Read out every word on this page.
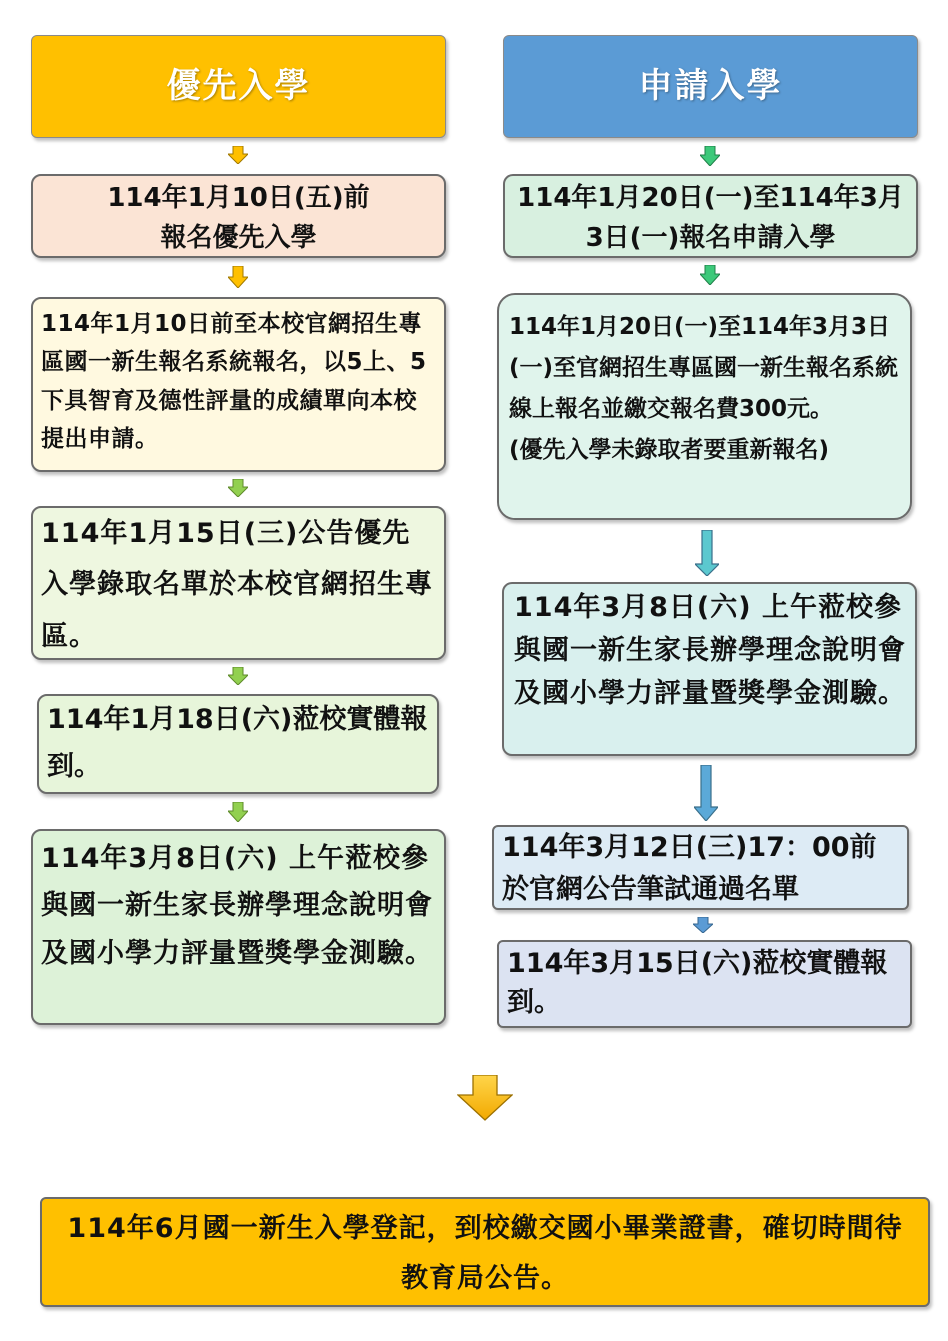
優先入學
114年1月10日(五)前
報名優先入學
114年1月10日前至本校官網招生專區國一新生報名系統報名，以5上、5下具智育及德性評量的成績單向本校提出申請。
114年1月15日(三)公告優先入學錄取名單於本校官網招生專區。
114年1月18日(六)蒞校實體報到。
114年3月8日(六) 上午蒞校參與國一新生家長辦學理念說明會及國小學力評量暨獎學金測驗。
申請入學
114年1月20日(一)至114年3月3日(一)報名申請入學
114年1月20日(一)至114年3月3日(一)至官網招生專區國一新生報名系統線上報名並繳交報名費300元。
(優先入學未錄取者要重新報名)
114年3月8日(六) 上午蒞校參與國一新生家長辦學理念說明會及國小學力評量暨獎學金測驗。
114年3月12日(三)17：00前
於官網公告筆試通過名單
114年3月15日(六)蒞校實體報到。
114年6月國一新生入學登記，到校繳交國小畢業證書，確切時間待教育局公告。
